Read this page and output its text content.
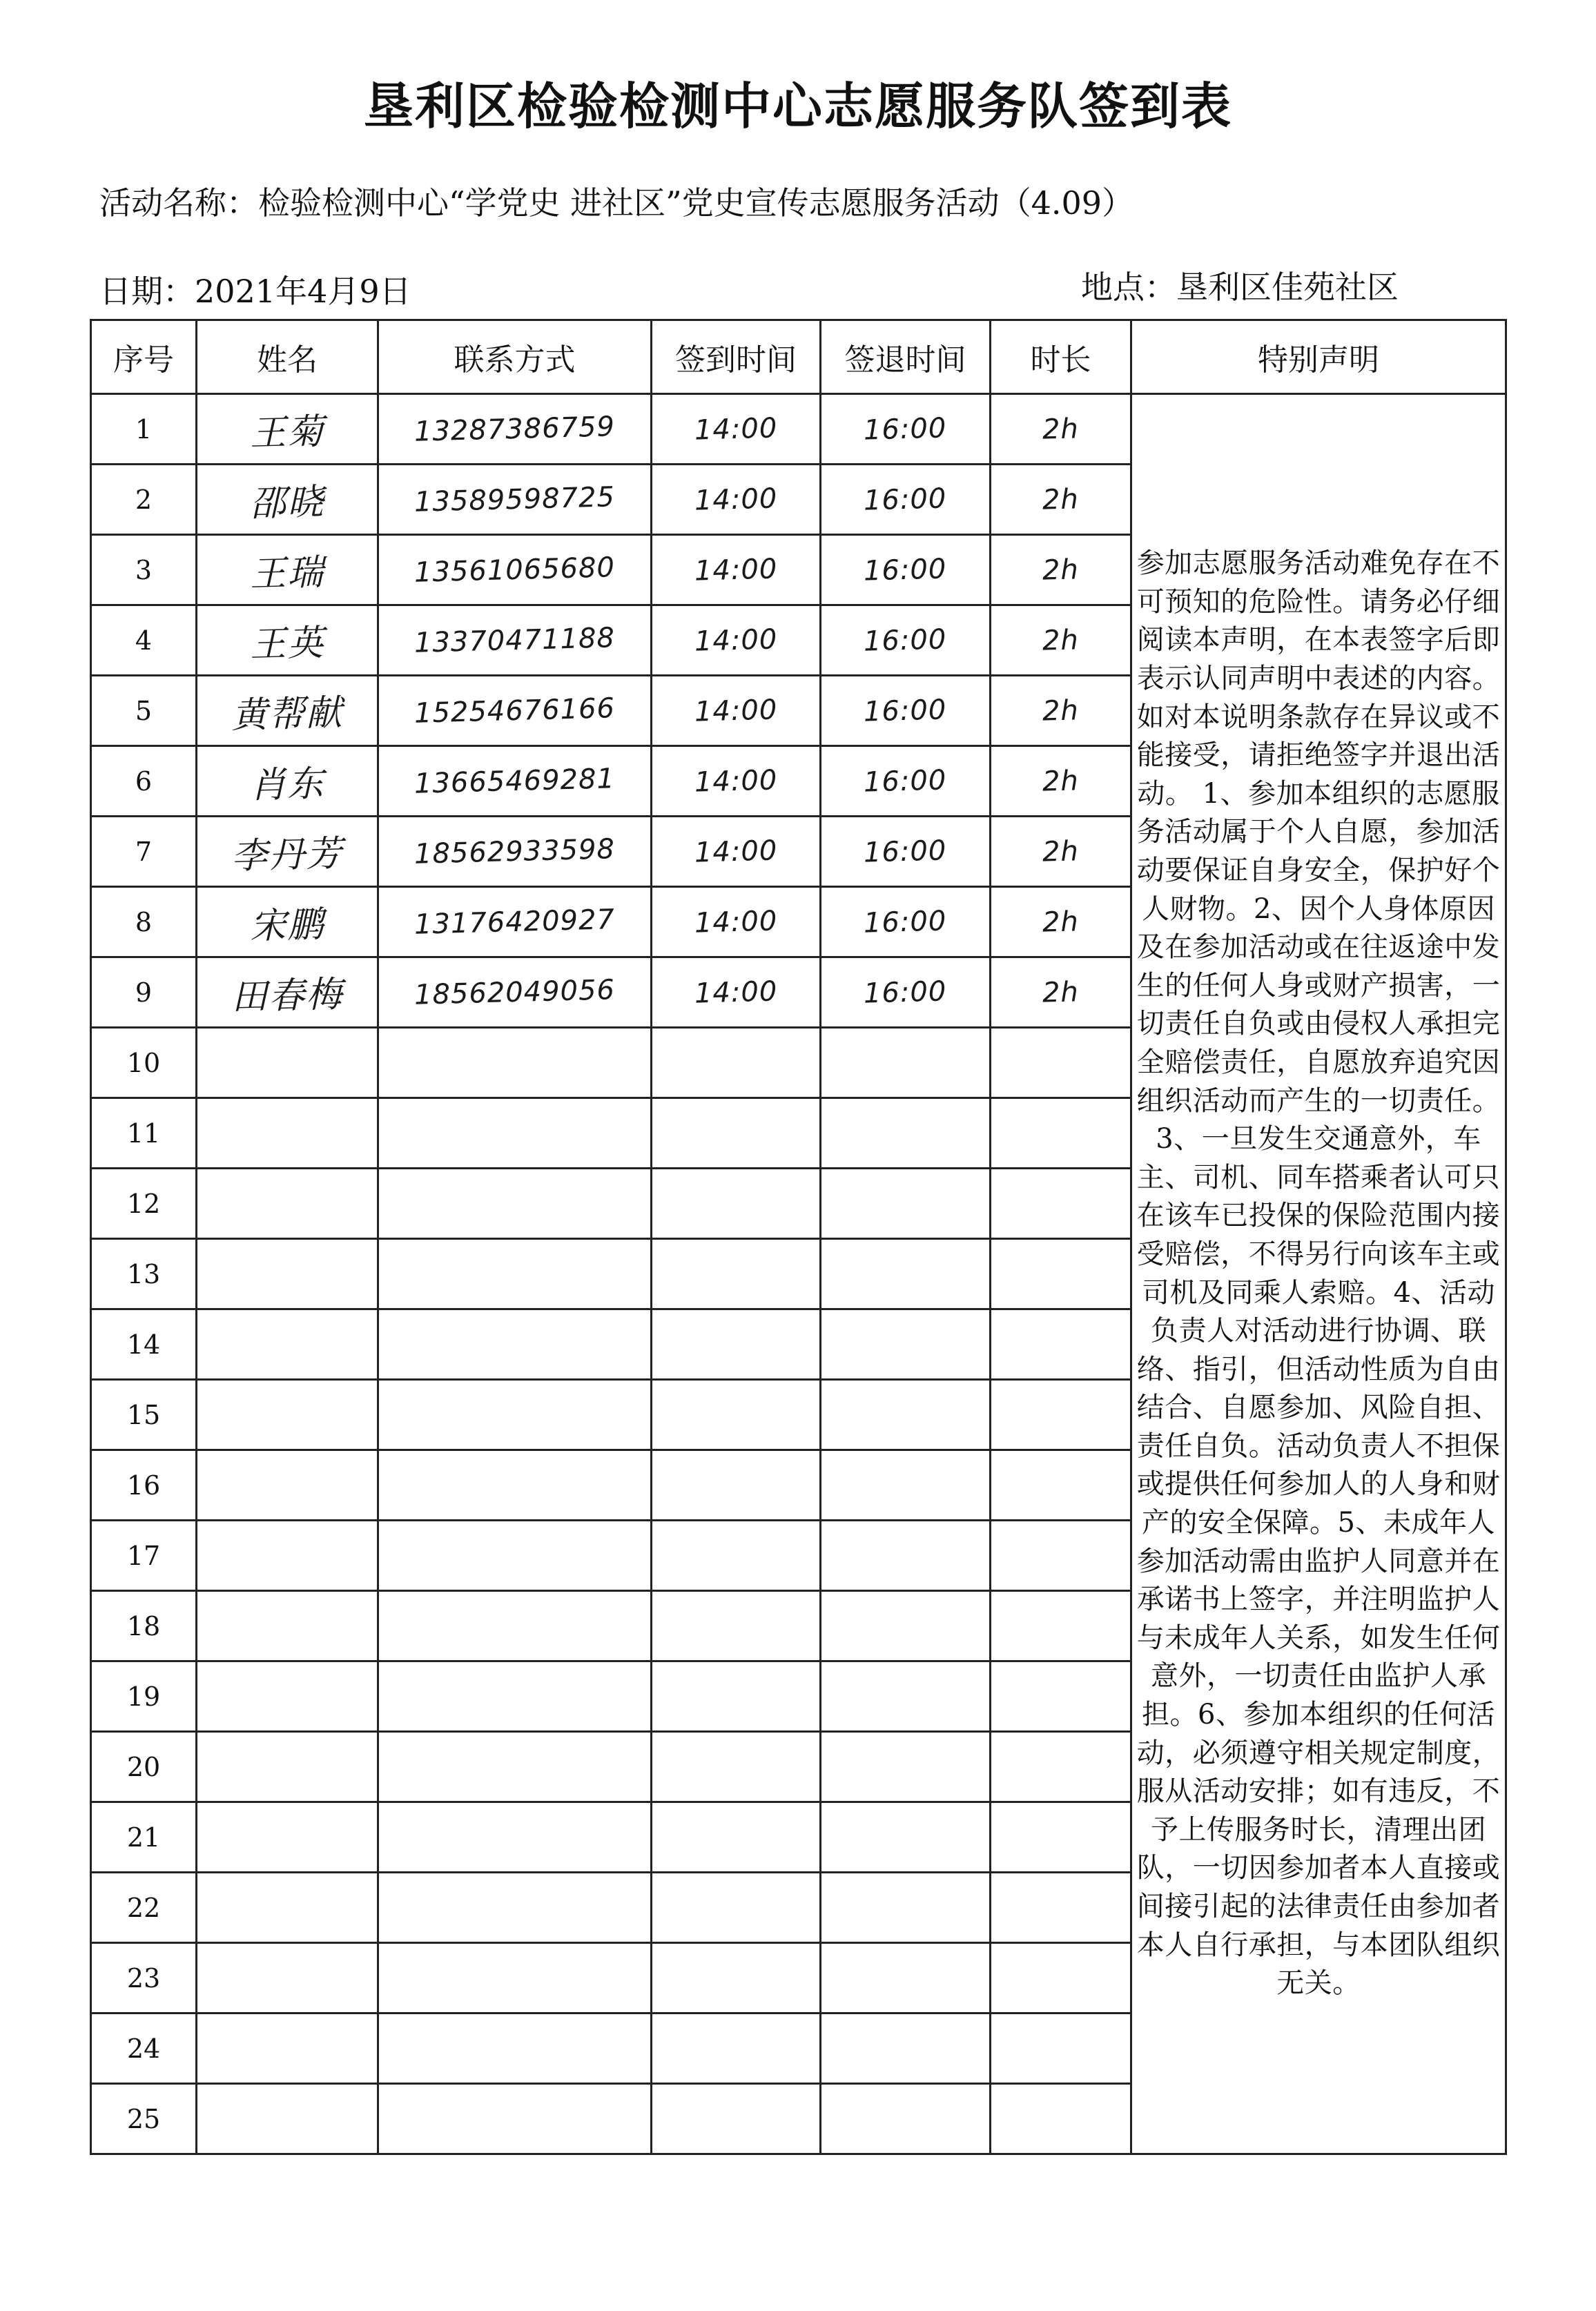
垦利区检验检测中心志愿服务队签到表
活动名称：检验检测中心“学党史 进社区”党史宣传志愿服务活动（4.09）
日期：2021年4月9日	地点：垦利区佳苑社区
序号	姓名	联系方式	签到时间	签退时间	时长	特别声明
1	王菊	13287386759	14:00	16:00	2h	参加志愿服务活动难免存在不可预知的危险性。请务必仔细阅读本声明，在本表签字后即表示认同声明中表述的内容。如对本说明条款存在异议或不能接受，请拒绝签字并退出活动。 1、参加本组织的志愿服务活动属于个人自愿，参加活动要保证自身安全，保护好个人财物。2、因个人身体原因及在参加活动或在往返途中发生的任何人身或财产损害，一切责任自负或由侵权人承担完全赔偿责任，自愿放弃追究因组织活动而产生的一切责任。3、一旦发生交通意外，车主、司机、同车搭乘者认可只在该车已投保的保险范围内接受赔偿，不得另行向该车主或司机及同乘人索赔。4、活动负责人对活动进行协调、联络、指引，但活动性质为自由结合、自愿参加、风险自担、责任自负。活动负责人不担保或提供任何参加人的人身和财产的安全保障。5、未成年人参加活动需由监护人同意并在承诺书上签字，并注明监护人与未成年人关系，如发生任何意外，一切责任由监护人承担。6、参加本组织的任何活动，必须遵守相关规定制度，服从活动安排；如有违反，不予上传服务时长，清理出团队，一切因参加者本人直接或间接引起的法律责任由参加者本人自行承担，与本团队组织无关。
2	邵晓	13589598725	14:00	16:00	2h	
3	王瑞	13561065680	14:00	16:00	2h	
4	王英	13370471188	14:00	16:00	2h	
5	黄帮献	15254676166	14:00	16:00	2h	
6	肖东	13665469281	14:00	16:00	2h	
7	李丹芳	18562933598	14:00	16:00	2h	
8	宋鹏	13176420927	14:00	16:00	2h	
9	田春梅	18562049056	14:00	16:00	2h	
10						
11						
12						
13						
14						
15						
16						
17						
18						
19						
20						
21						
22						
23						
24						
25						
